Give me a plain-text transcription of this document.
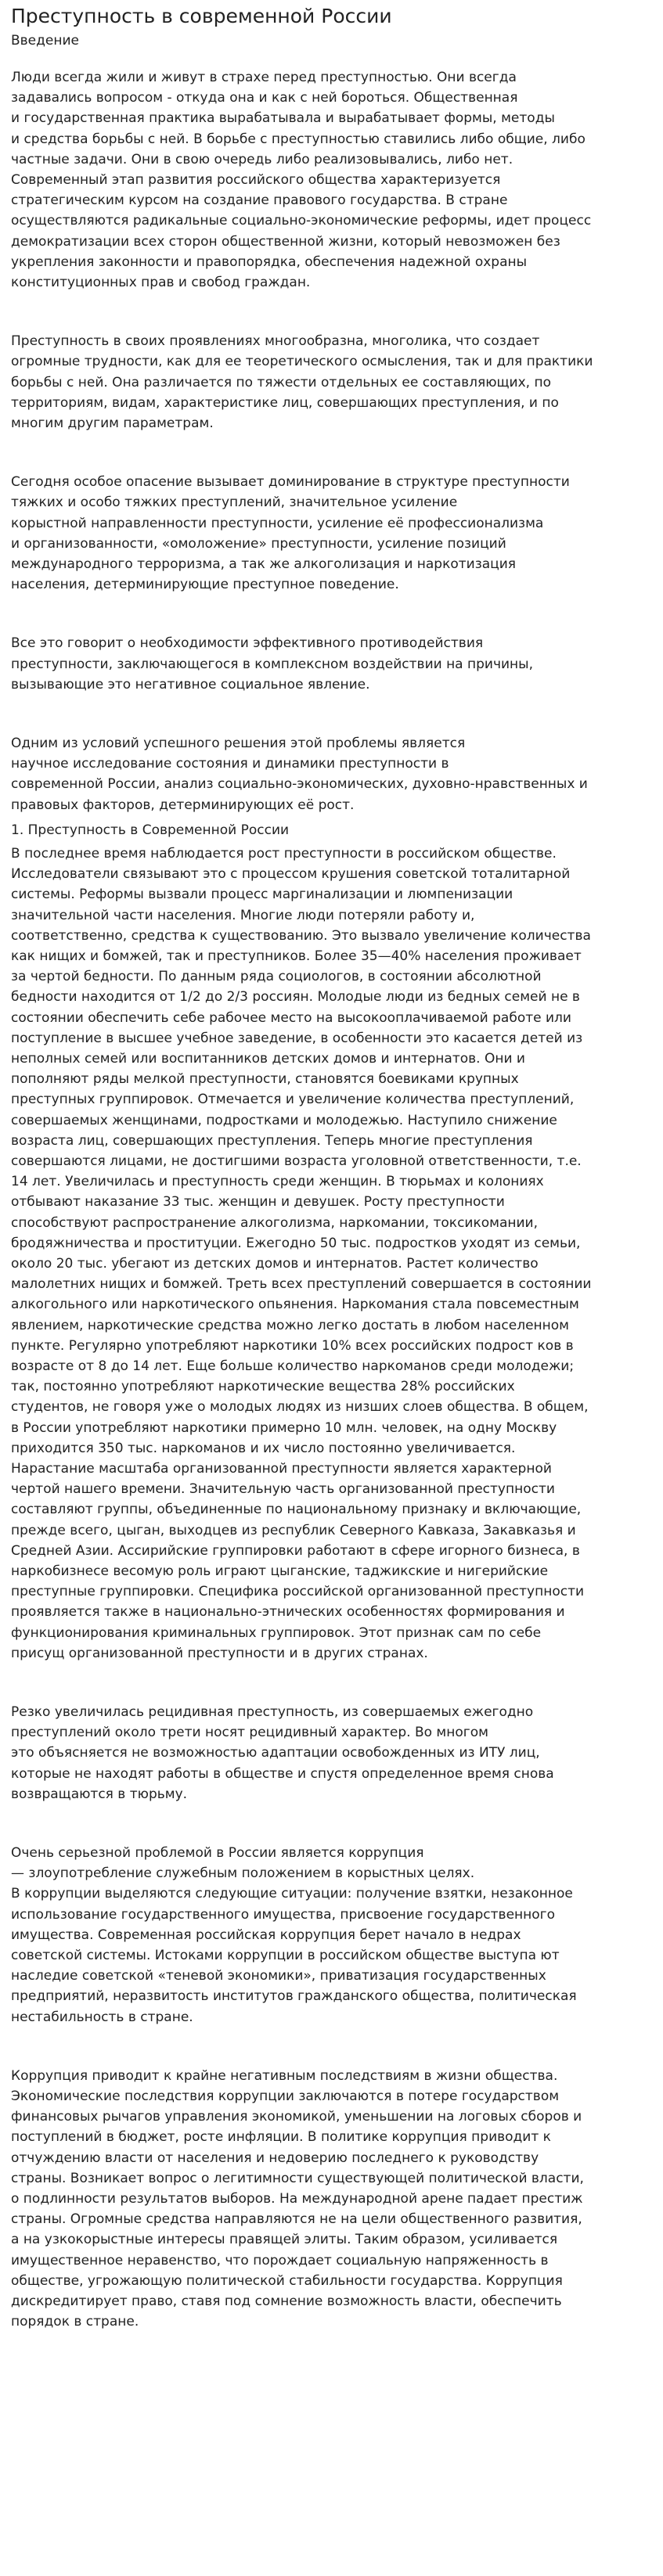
Преступность в современной России
Введение

Люди всегда жили и живут в страхе перед преступностью. Они всегда
задавались вопросом - откуда она и как с ней бороться. Общественная
и государственная практика вырабатывала и вырабатывает формы, методы
и средства борьбы с ней. В борьбе с преступностью ставились либо общие, либо
частные задачи. Они в свою очередь либо реализовывались, либо нет.
Современный этап развития российского общества характеризуется
стратегическим курсом на создание правового государства. В стране
осуществляются радикальные социально-экономические реформы, идет процесс
демократизации всех сторон общественной жизни, который невозможен без
укрепления законности и правопорядка, обеспечения надежной охраны
конституционных прав и свобод граждан.

Преступность в своих проявлениях многообразна, многолика, что создает
огромные трудности, как для ее теоретического осмысления, так и для практики
борьбы с ней. Она различается по тяжести отдельных ее составляющих, по
территориям, видам, характеристике лиц, совершающих преступления, и по
многим другим параметрам.

Сегодня особое опасение вызывает доминирование в структуре преступности
тяжких и особо тяжких преступлений, значительное усиление
корыстной направленности преступности, усиление её профессионализма
и организованности, «омоложение» преступности, усиление позиций
международного терроризма, а так же алкоголизация и наркотизация
населения, детерминирующие преступное поведение.

Все это говорит о необходимости эффективного противодействия
преступности, заключающегося в комплексном воздействии на причины,
вызывающие это негативное социальное явление.

Одним из условий успешного решения этой проблемы является
научное исследование состояния и динамики преступности в
современной России, анализ социально-экономических, духовно-нравственных и
правовых факторов, детерминирующих её рост.

1. Преступность в Современной России

В последнее время наблюдается рост преступности в российском обществе.
Исследователи связывают это с процессом крушения советской тоталитарной
системы. Реформы вызвали процесс маргинализации и люмпенизации
значительной части населения. Многие люди потеряли работу и,
соответственно, средства к существованию. Это вызвало увеличение количества
как нищих и бомжей, так и преступников. Более 35—40% населения проживает
за чертой бедности. По данным ряда социологов, в состоянии абсолютной
бедности находится от 1/2 до 2/3 россиян. Молодые люди из бедных семей не в
состоянии обеспечить себе рабочее место на высокооплачиваемой работе или
поступление в высшее учебное заведение, в особенности это касается детей из
неполных семей или воспитанников детских домов и интернатов. Они и
пополняют ряды мелкой преступности, становятся боевиками крупных
преступных группировок. Отмечается и увеличение количества преступлений,
совершаемых женщинами, подростками и молодежью. Наступило снижение
возраста лиц, совершающих преступления. Теперь многие преступления
совершаются лицами, не достигшими возраста уголовной ответственности, т.е.
14 лет. Увеличилась и преступность среди женщин. В тюрьмах и колониях
отбывают наказание 33 тыс. женщин и девушек. Росту преступности
способствуют распространение алкоголизма, наркомании, токсикомании,
бродяжничества и проституции. Ежегодно 50 тыс. подростков уходят из семьи,
около 20 тыс. убегают из детских домов и интернатов. Растет количество
малолетних нищих и бомжей. Треть всех преступлений совершается в состоянии
алкогольного или наркотического опьянения. Наркомания стала повсеместным
явлением, наркотические средства можно легко достать в любом населенном
пункте. Регулярно употребляют наркотики 10% всех российских подрост ков в
возрасте от 8 до 14 лет. Еще больше количество наркоманов среди молодежи;
так, постоянно употребляют наркотические вещества 28% российских
студентов, не говоря уже о молодых людях из низших слоев общества. В общем,
в России употребляют наркотики примерно 10 млн. человек, на одну Москву
приходится 350 тыс. наркоманов и их число постоянно увеличивается.
Нарастание масштаба организованной преступности является характерной
чертой нашего времени. Значительную часть организованной преступности
составляют группы, объединенные по национальному признаку и включающие,
прежде всего, цыган, выходцев из республик Северного Кавказа, Закавказья и
Средней Азии. Ассирийские группировки работают в сфере игорного бизнеса, в
наркобизнесе весомую роль играют цыганские, таджикские и нигерийские
преступные группировки. Специфика российской организованной преступности
проявляется также в национально-этнических особенностях формирования и
функционирования криминальных группировок. Этот признак сам по себе
присущ организованной преступности и в других странах.

Резко увеличилась рецидивная преступность, из совершаемых ежегодно
преступлений около трети носят рецидивный характер. Во многом
это объясняется не возможностью адаптации освобожденных из ИТУ лиц,
которые не находят работы в обществе и спустя определенное время снова
возвращаются в тюрьму.

Очень серьезной проблемой в России является коррупция
— злоупотребление служебным положением в корыстных целях.
В коррупции выделяются следующие ситуации: получение взятки, незаконное
использование государственного имущества, присвоение государственного
имущества. Современная российская коррупция берет начало в недрах
советской системы. Истоками коррупции в российском обществе выступа ют
наследие советской «теневой экономики», приватизация государственных
предприятий, неразвитость институтов гражданского общества, политическая
нестабильность в стране.

Коррупция приводит к крайне негативным последствиям в жизни общества.
Экономические последствия коррупции заключаются в потере государством
финансовых рычагов управления экономикой, уменьшении на логовых сборов и
поступлений в бюджет, росте инфляции. В политике коррупция приводит к
отчуждению власти от населения и недоверию последнего к руководству
страны. Возникает вопрос о легитимности существующей политической власти,
о подлинности результатов выборов. На международной арене падает престиж
страны. Огромные средства направляются не на цели общественного развития,
а на узкокорыстные интересы правящей элиты. Таким образом, усиливается
имущественное неравенство, что порождает социальную напряженность в
обществе, угрожающую политической стабильности государства. Коррупция
дискредитирует право, ставя под сомнение возможность власти, обеспечить
порядок в стране.
